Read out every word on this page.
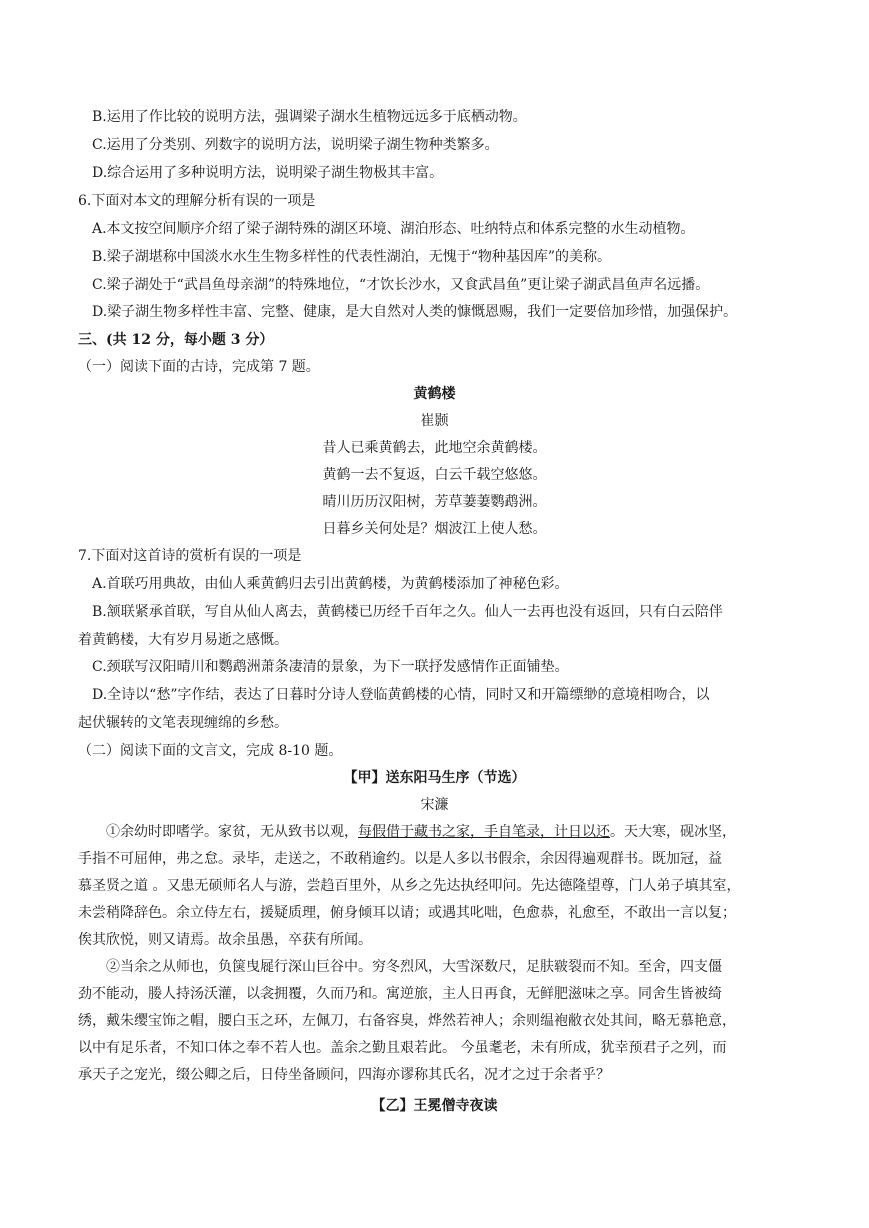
B.运用了作比较的说明方法，强调梁子湖水生植物远远多于底栖动物。
C.运用了分类别、列数字的说明方法，说明梁子湖生物种类繁多。
D.综合运用了多种说明方法，说明梁子湖生物极其丰富。
6.下面对本文的理解分析有误的一项是
A.本文按空间顺序介绍了梁子湖特殊的湖区环境、湖泊形态、吐纳特点和体系完整的水生动植物。
B.梁子湖堪称中国淡水水生生物多样性的代表性湖泊，无愧于“物种基因库”的美称。
C.梁子湖处于“武昌鱼母亲湖”的特殊地位，“才饮长沙水，又食武昌鱼”更让梁子湖武昌鱼声名远播。
D.梁子湖生物多样性丰富、完整、健康，是大自然对人类的慷慨恩赐，我们一定要倍加珍惜，加强保护。
三、(共 12 分，每小题 3 分）
（一）阅读下面的古诗，完成第 7 题。
黄鹤楼
崔颢
昔人已乘黄鹤去，此地空余黄鹤楼。
黄鹤一去不复返，白云千载空悠悠。
晴川历历汉阳树，芳草萋萋鹦鹉洲。
日暮乡关何处是？烟波江上使人愁。
7.下面对这首诗的赏析有误的一项是
A.首联巧用典故，由仙人乘黄鹤归去引出黄鹤楼，为黄鹤楼添加了神秘色彩。
B.颔联紧承首联，写自从仙人离去，黄鹤楼已历经千百年之久。仙人一去再也没有返回，只有白云陪伴
着黄鹤楼，大有岁月易逝之感慨。
C.颈联写汉阳晴川和鹦鹉洲萧条凄清的景象，为下一联抒发感情作正面铺垫。
D.全诗以“愁”字作结，表达了日暮时分诗人登临黄鹤楼的心情，同时又和开篇缥缈的意境相吻合，以
起伏辗转的文笔表现缠绵的乡愁。
（二）阅读下面的文言文，完成 8-10 题。
【甲】送东阳马生序（节选）
宋濂
①余幼时即嗜学。家贫，无从致书以观，每假借于藏书之家，手自笔录，计日以还。天大寒，砚冰坚，
手指不可屈伸，弗之怠。录毕，走送之，不敢稍逾约。以是人多以书假余，余因得遍观群书。既加冠，益
慕圣贤之道 。又患无硕师名人与游，尝趋百里外，从乡之先达执经叩问。先达德隆望尊，门人弟子填其室，
未尝稍降辞色。余立侍左右，援疑质理，俯身倾耳以请；或遇其叱咄，色愈恭，礼愈至，不敢出一言以复；
俟其欣悦，则又请焉。故余虽愚，卒获有所闻。
②当余之从师也，负箧曳屣行深山巨谷中。穷冬烈风，大雪深数尺，足肤皲裂而不知。至舍，四支僵
劲不能动，媵人持汤沃灌，以衾拥覆，久而乃和。寓逆旅，主人日再食，无鲜肥滋味之享。同舍生皆被绮
绣，戴朱缨宝饰之帽，腰白玉之环，左佩刀，右备容臭，烨然若神人；余则缊袍敝衣处其间，略无慕艳意，
以中有足乐者，不知口体之奉不若人也。盖余之勤且艰若此。 今虽耄老，未有所成，犹幸预君子之列，而
承天子之宠光，缀公卿之后，日侍坐备顾问，四海亦谬称其氏名，况才之过于余者乎？
【乙】王冕僧寺夜读
